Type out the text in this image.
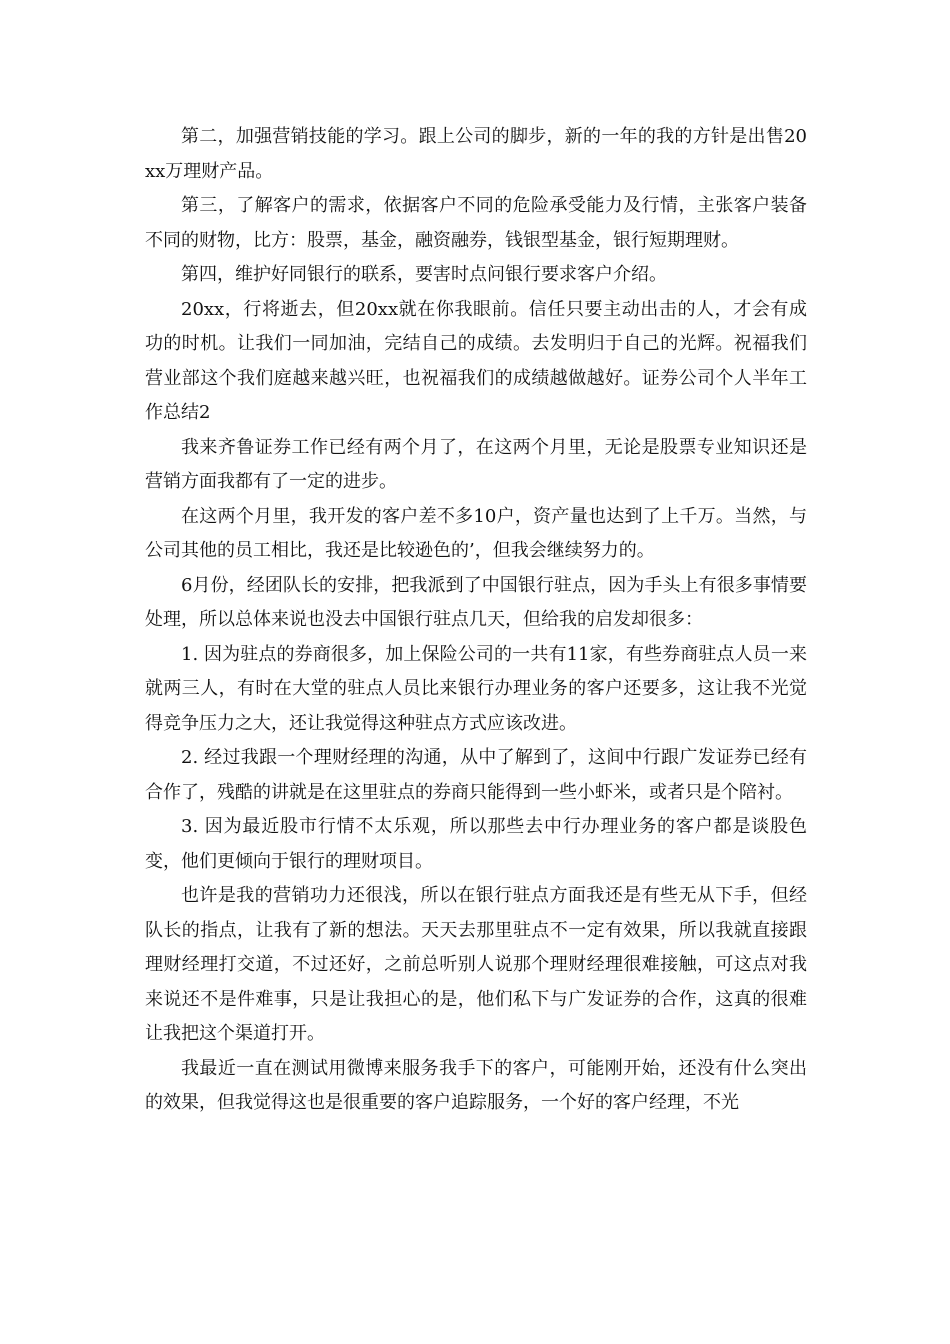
第二，加强营销技能的学习。跟上公司的脚步，新的一年的我的方针是出售20xx万理财产品。

第三，了解客户的需求，依据客户不同的危险承受能力及行情，主张客户装备不同的财物，比方：股票，基金，融资融券，钱银型基金，银行短期理财。

第四，维护好同银行的联系，要害时点问银行要求客户介绍。

20xx，行将逝去，但20xx就在你我眼前。信任只要主动出击的人，才会有成功的时机。让我们一同加油，完结自己的成绩。去发明归于自己的光辉。祝福我们营业部这个我们庭越来越兴旺，也祝福我们的成绩越做越好。证券公司个人半年工作总结2

我来齐鲁证券工作已经有两个月了，在这两个月里，无论是股票专业知识还是营销方面我都有了一定的进步。

在这两个月里，我开发的客户差不多10户，资产量也达到了上千万。当然，与公司其他的员工相比，我还是比较逊色的’，但我会继续努力的。

6月份，经团队长的安排，把我派到了中国银行驻点，因为手头上有很多事情要处理，所以总体来说也没去中国银行驻点几天，但给我的启发却很多：

1. 因为驻点的券商很多，加上保险公司的一共有11家，有些券商驻点人员一来就两三人，有时在大堂的驻点人员比来银行办理业务的客户还要多，这让我不光觉得竞争压力之大，还让我觉得这种驻点方式应该改进。

2. 经过我跟一个理财经理的沟通，从中了解到了，这间中行跟广发证券已经有合作了，残酷的讲就是在这里驻点的券商只能得到一些小虾米，或者只是个陪衬。

3. 因为最近股市行情不太乐观，所以那些去中行办理业务的客户都是谈股色变，他们更倾向于银行的理财项目。

也许是我的营销功力还很浅，所以在银行驻点方面我还是有些无从下手，但经队长的指点，让我有了新的想法。天天去那里驻点不一定有效果，所以我就直接跟理财经理打交道，不过还好，之前总听别人说那个理财经理很难接触，可这点对我来说还不是件难事，只是让我担心的是，他们私下与广发证券的合作，这真的很难让我把这个渠道打开。

我最近一直在测试用微博来服务我手下的客户，可能刚开始，还没有什么突出的效果，但我觉得这也是很重要的客户追踪服务，一个好的客户经理，不光
